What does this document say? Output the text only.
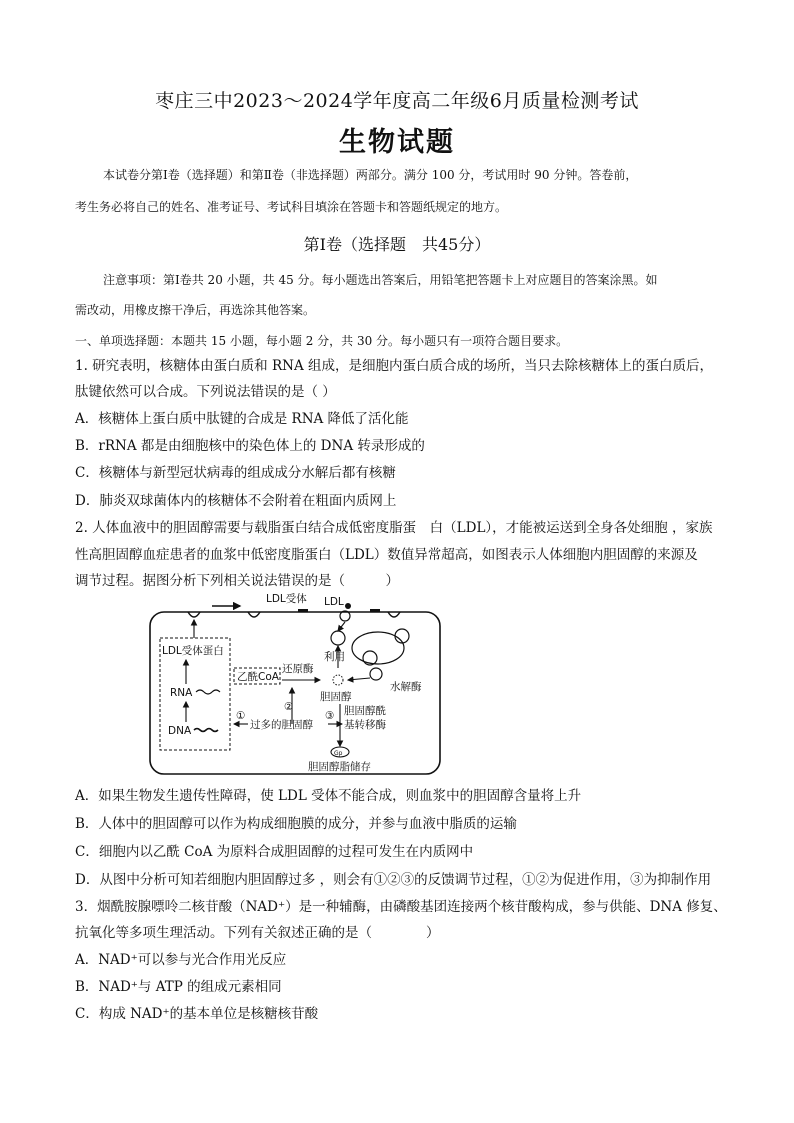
枣庄三中2023～2024学年度高二年级6月质量检测考试
生物试题
本试卷分第Ⅰ卷（选择题）和第Ⅱ卷（非选择题）两部分。满分 100 分，考试用时 90 分钟。答卷前，
考生务必将自己的姓名、准考证号、考试科目填涂在答题卡和答题纸规定的地方。
第Ⅰ卷（选择题　共45分）
注意事项：第Ⅰ卷共 20 小题，共 45 分。每小题选出答案后，用铅笔把答题卡上对应题目的答案涂黑。如
需改动，用橡皮擦干净后，再选涂其他答案。
一、单项选择题：本题共 15 小题，每小题 2 分，共 30 分。每小题只有一项符合题目要求。
1. 研究表明，核糖体由蛋白质和 RNA 组成，是细胞内蛋白质合成的场所，当只去除核糖体上的蛋白质后，
肽键依然可以合成。下列说法错误的是（ ）
A．核糖体上蛋白质中肽键的合成是 RNA 降低了活化能
B．rRNA 都是由细胞核中的染色体上的 DNA 转录形成的
C．核糖体与新型冠状病毒的组成成分水解后都有核糖
D．肺炎双球菌体内的核糖体不会附着在粗面内质网上
2. 人体血液中的胆固醇需要与载脂蛋白结合成低密度脂蛋　白（LDL），才能被运送到全身各处细胞 ，家族
性高胆固醇血症患者的血浆中低密度脂蛋白（LDL）数值异常超高，如图表示人体细胞内胆固醇的来源及
调节过程。据图分析下列相关说法错误的是（　　　）
LDL受体 LDL
LDL受体蛋白
RNA
DNA
乙酰CoA
还原酶
利用
胆固醇
水解酶
②
①
过多的胆固醇
③ 胆固醇酰
基转移酶
Gp
胆固醇脂储存
A．如果生物发生遗传性障碍，使 LDL 受体不能合成，则血浆中的胆固醇含量将上升
B．人体中的胆固醇可以作为构成细胞膜的成分，并参与血液中脂质的运输
C．细胞内以乙酰 CoA 为原料合成胆固醇的过程可发生在内质网中
D．从图中分析可知若细胞内胆固醇过多 ，则会有①②③的反馈调节过程，①②为促进作用，③为抑制作用
3．烟酰胺腺嘌呤二核苷酸（NAD⁺）是一种辅酶，由磷酸基团连接两个核苷酸构成，参与供能、DNA 修复、
抗氧化等多项生理活动。下列有关叙述正确的是（　　　　）
A．NAD⁺可以参与光合作用光反应
B．NAD⁺与 ATP 的组成元素相同
C．构成 NAD⁺的基本单位是核糖核苷酸
